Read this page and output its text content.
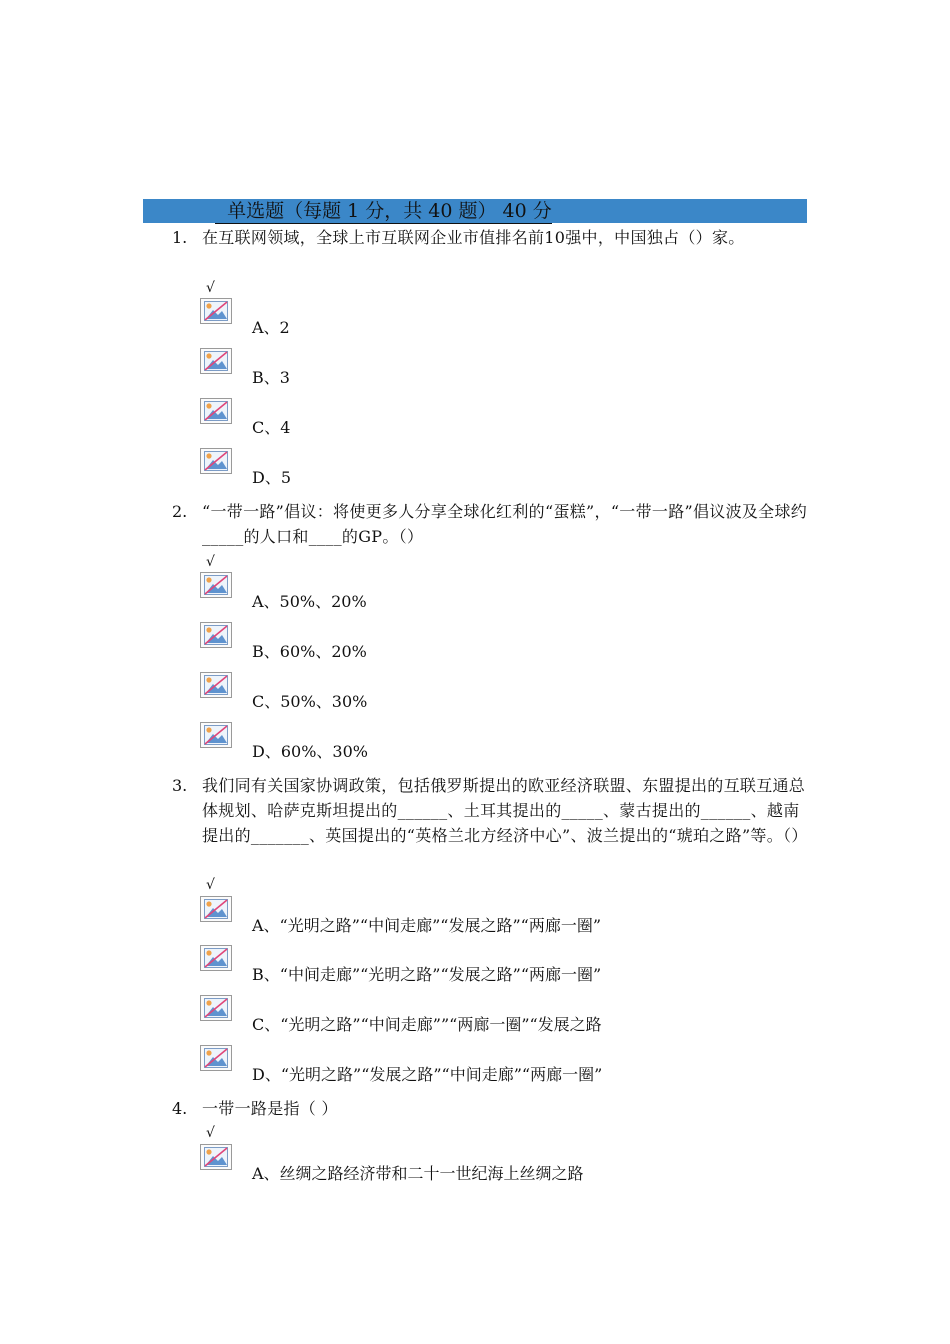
单选题（每题 1 分，共 40 题） 40 分
1. 在互联网领域，全球上市互联网企业市值排名前10强中，中国独占（）家。
√
A、2
B、3
C、4
D、5
2. “一带一路”倡议：将使更多人分享全球化红利的“蛋糕”，“一带一路”倡议波及全球约_____的人口和____的GP。（）
√
A、50%、20%
B、60%、20%
C、50%、30%
D、60%、30%
3. 我们同有关国家协调政策，包括俄罗斯提出的欧亚经济联盟、东盟提出的互联互通总体规划、哈萨克斯坦提出的______、土耳其提出的_____、蒙古提出的______、越南提出的_______、英国提出的“英格兰北方经济中心”、波兰提出的“琥珀之路”等。（）
√
A、“光明之路”“中间走廊”“发展之路”“两廊一圈”
B、“中间走廊”“光明之路”“发展之路”“两廊一圈”
C、“光明之路”“中间走廊””“两廊一圈”“发展之路
D、“光明之路”“发展之路”“中间走廊”“两廊一圈”
4. 一带一路是指（ ）
√
A、丝绸之路经济带和二十一世纪海上丝绸之路
